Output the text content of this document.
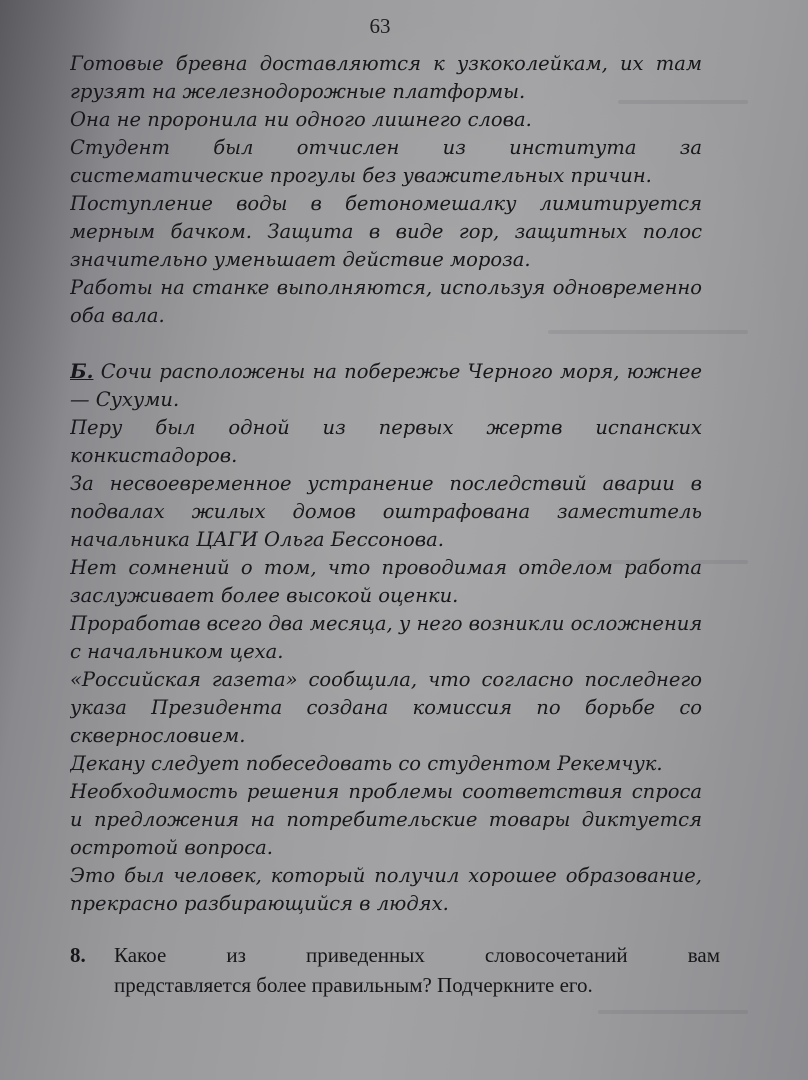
63
Готовые бревна доставляются к узкоколейкам, их там
грузят на железнодорожные платформы.
Она не проронила ни одного лишнего слова.
Студент был отчислен из института за
систематические прогулы без уважительных причин.
Поступление воды в бетономешалку лимитируется
мерным бачком. Защита в виде гор, защитных полос
значительно уменьшает действие мороза.
Работы на станке выполняются, используя одновременно
оба вала.
Б. Сочи расположены на побережье Черного моря, южнее
— Сухуми.
Перу был одной из первых жертв испанских
конкистадоров.
За несвоевременное устранение последствий аварии в
подвалах жилых домов оштрафована заместитель
начальника ЦАГИ Ольга Бессонова.
Нет сомнений о том, что проводимая отделом работа
заслуживает более высокой оценки.
Проработав всего два месяца, у него возникли осложнения
с начальником цеха.
«Российская газета» сообщила, что согласно последнего
указа Президента создана комиссия по борьбе со
сквернословием.
Декану следует побеседовать со студентом Рекемчук.
Необходимость решения проблемы соответствия спроса
и предложения на потребительские товары диктуется
остротой вопроса.
Это был человек, который получил хорошее образование,
прекрасно разбирающийся в людях.
8.	Какое из приведенных словосочетаний вам
представляется более правильным? Подчеркните его.
